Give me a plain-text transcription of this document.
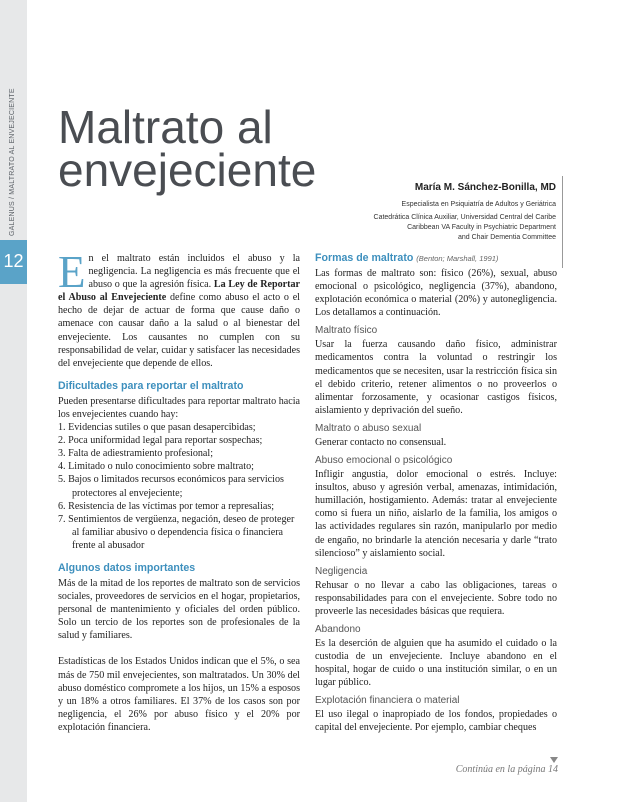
GALENUS / MALTRATO AL ENVEJECIENTE
12
Maltrato al
envejeciente	María M. Sánchez-Bonilla, MD
Especialista en Psiquiatría de Adultos y Geriátrica
Catedrática Clínica Auxiliar, Universidad Central del Caribe
Caribbean VA Faculty in Psychiatric Department
and Chair Dementia Committee

En el maltrato están incluidos el abuso y la negligencia. La negligencia es más frecuente que el abuso o que la agresión física. La Ley de Reportar el Abuso al Envejeciente define como abuso el acto o el hecho de dejar de actuar de forma que cause daño o amenace con causar daño a la salud o al bienestar del envejeciente. Los causantes no cumplen con su responsabilidad de velar, cuidar y satisfacer las necesidades del envejeciente que depende de ellos.

Dificultades para reportar el maltrato

Pueden presentarse dificultades para reportar maltrato hacia los envejecientes cuando hay:

1. Evidencias sutiles o que pasan desapercibidas;
2. Poca uniformidad legal para reportar sospechas;
3. Falta de adiestramiento profesional;
4. Limitado o nulo conocimiento sobre maltrato;
5. Bajos o limitados recursos económicos para servicios protectores al envejeciente;
6. Resistencia de las víctimas por temor a represalias;
7. Sentimientos de vergüenza, negación, deseo de proteger al familiar abusivo o dependencia física o financiera frente al abusador
Algunos datos importantes

Más de la mitad de los reportes de maltrato son de servicios sociales, proveedores de servicios en el hogar, propietarios, personal de mantenimiento y oficiales del orden público. Solo un tercio de los reportes son de profesionales de la salud y familiares.

Estadísticas de los Estados Unidos indican que el 5%, o sea más de 750 mil envejecientes, son maltratados. Un 30% del abuso doméstico compromete a los hijos, un 15% a esposos y un 18% a otros familiares. El 37% de los casos son por negligencia, el 26% por abuso físico y el 20% por explotación financiera.

Formas de maltrato (Benton; Marshall, 1991)

Las formas de maltrato son: físico (26%), sexual, abuso emocional o psicológico, negligencia (37%), abandono, explotación económica o material (20%) y autonegligencia. Los detallamos a continuación.

Maltrato físico

Usar la fuerza causando daño físico, administrar medicamentos contra la voluntad o restringir los medicamentos que se necesiten, usar la restricción física sin el debido criterio, retener alimentos o no proveerlos o alimentar forzosamente, y ocasionar castigos físicos, aislamiento y deprivación del sueño.

Maltrato o abuso sexual

Generar contacto no consensual.

Abuso emocional o psicológico

Infligir angustia, dolor emocional o estrés. Incluye: insultos, abuso y agresión verbal, amenazas, intimidación, humillación, hostigamiento. Además: tratar al envejeciente como si fuera un niño, aislarlo de la familia, los amigos o las actividades regulares sin razón, manipularlo por medio de engaño, no brindarle la atención necesaria y darle “trato silencioso” y aislamiento social.

Negligencia

Rehusar o no llevar a cabo las obligaciones, tareas o responsabilidades para con el envejeciente. Sobre todo no proveerle las necesidades básicas que requiera.

Abandono

Es la deserción de alguien que ha asumido el cuidado o la custodia de un envejeciente. Incluye abandono en el hospital, hogar de cuido o una institución similar, o en un lugar público.

Explotación financiera o material

El uso ilegal o inapropiado de los fondos, propiedades o capital del envejeciente. Por ejemplo, cambiar cheques

Continúa en la página 14
